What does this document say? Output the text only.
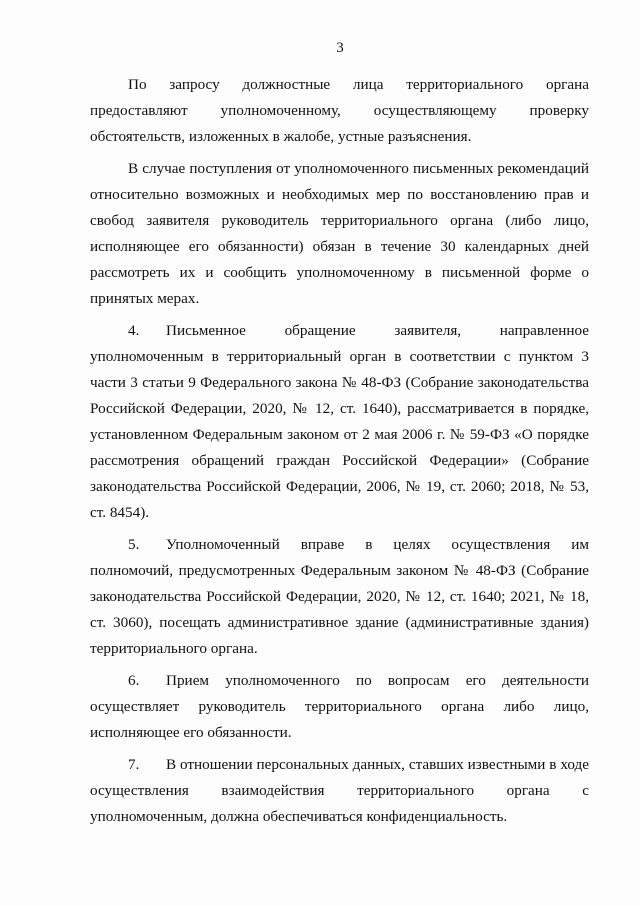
3

По запросу должностные лица территориального органа предоставляют уполномоченному, осуществляющему проверку обстоятельств, изложенных в жалобе, устные разъяснения.

В случае поступления от уполномоченного письменных рекомендаций относительно возможных и необходимых мер по восстановлению прав и свобод заявителя руководитель территориального органа (либо лицо, исполняющее его обязанности) обязан в течение 30 календарных дней рассмотреть их и сообщить уполномоченному в письменной форме о принятых мерах.

4. Письменное обращение заявителя, направленное уполномоченным в территориальный орган в соответствии с пунктом 3 части 3 статьи 9 Федерального закона № 48-ФЗ (Собрание законодательства Российской Федерации, 2020, № 12, ст. 1640), рассматривается в порядке, установленном Федеральным законом от 2 мая 2006 г. № 59-ФЗ «О порядке рассмотрения обращений граждан Российской Федерации» (Собрание законодательства Российской Федерации, 2006, № 19, ст. 2060; 2018, № 53, ст. 8454).

5. Уполномоченный вправе в целях осуществления им полномочий, предусмотренных Федеральным законом № 48-ФЗ (Собрание законодательства Российской Федерации, 2020, № 12, ст. 1640; 2021, № 18, ст. 3060), посещать административное здание (административные здания) территориального органа.

6. Прием уполномоченного по вопросам его деятельности осуществляет руководитель территориального органа либо лицо, исполняющее его обязанности.

7. В отношении персональных данных, ставших известными в ходе осуществления взаимодействия территориального органа с уполномоченным, должна обеспечиваться конфиденциальность.
